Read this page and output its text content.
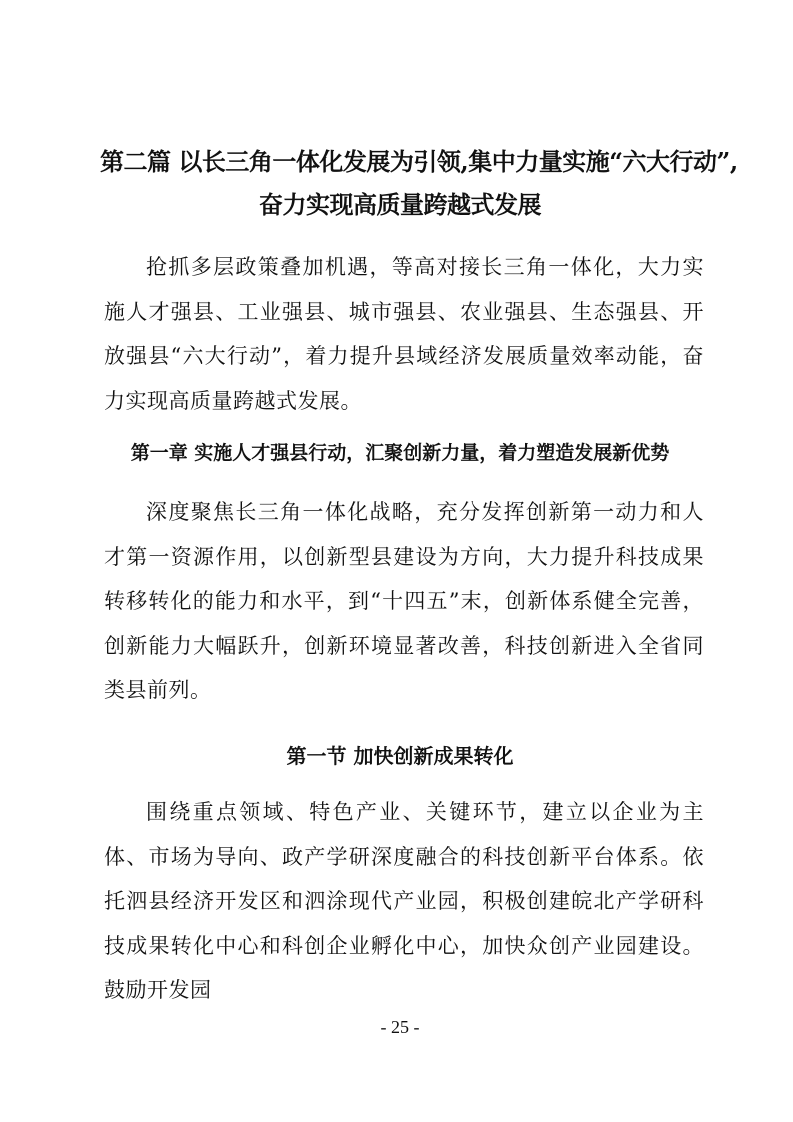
第二篇 以长三角一体化发展为引领,集中力量实施“六大行动”,
奋力实现高质量跨越式发展

抢抓多层政策叠加机遇，等高对接长三角一体化，大力实施人才强县、工业强县、城市强县、农业强县、生态强县、开放强县“六大行动”，着力提升县域经济发展质量效率动能，奋力实现高质量跨越式发展。

第一章 实施人才强县行动，汇聚创新力量，着力塑造发展新优势

深度聚焦长三角一体化战略，充分发挥创新第一动力和人才第一资源作用，以创新型县建设为方向，大力提升科技成果转移转化的能力和水平，到“十四五”末，创新体系健全完善，创新能力大幅跃升，创新环境显著改善，科技创新进入全省同类县前列。

第一节 加快创新成果转化

围绕重点领域、特色产业、关键环节，建立以企业为主体、市场为导向、政产学研深度融合的科技创新平台体系。依托泗县经济开发区和泗涂现代产业园，积极创建皖北产学研科技成果转化中心和科创企业孵化中心，加快众创产业园建设。鼓励开发园

- 25 -
